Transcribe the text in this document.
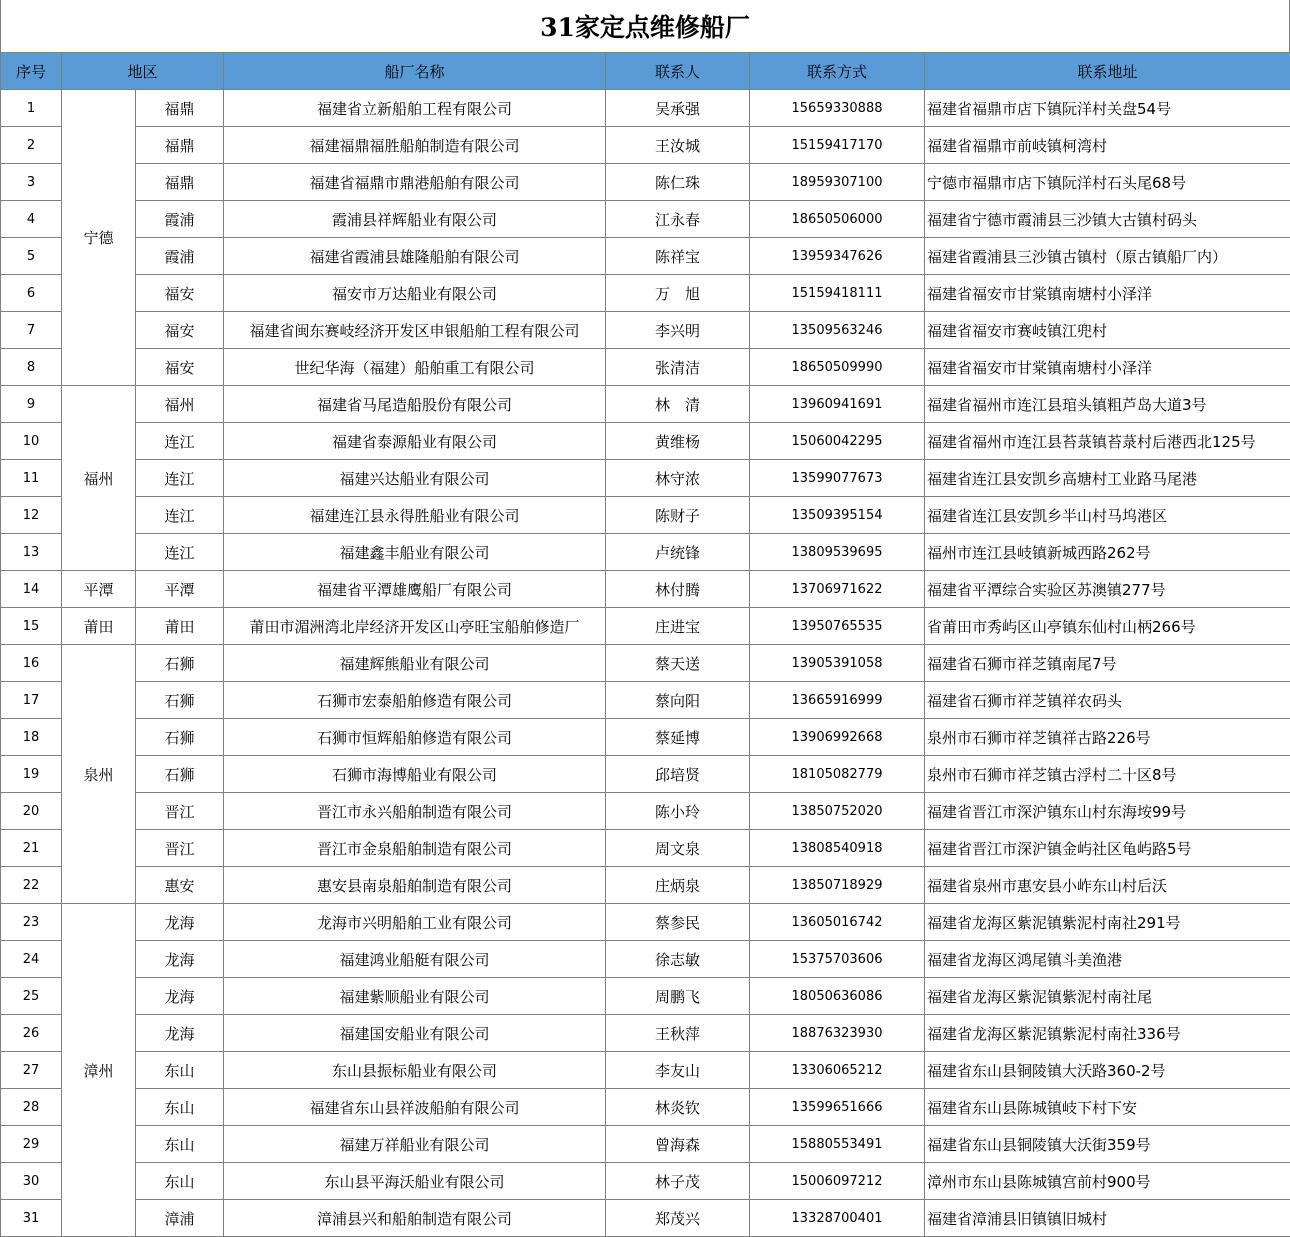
31家定点维修船厂
序号	地区		船厂名称	联系人	联系方式	联系地址
1	宁德	福鼎	福建省立新船舶工程有限公司	吴承强	15659330888	福建省福鼎市店下镇阮洋村关盘54号
2		福鼎	福建福鼎福胜船舶制造有限公司	王汝城	15159417170	福建省福鼎市前岐镇柯湾村
3		福鼎	福建省福鼎市鼎港船舶有限公司	陈仁珠	18959307100	宁德市福鼎市店下镇阮洋村石头尾68号
4		霞浦	霞浦县祥辉船业有限公司	江永春	18650506000	福建省宁德市霞浦县三沙镇大古镇村码头
5		霞浦	福建省霞浦县雄隆船舶有限公司	陈祥宝	13959347626	福建省霞浦县三沙镇古镇村（原古镇船厂内）
6		福安	福安市万达船业有限公司	万　旭	15159418111	福建省福安市甘棠镇南塘村小泽洋
7		福安	福建省闽东赛岐经济开发区申银船舶工程有限公司	李兴明	13509563246	福建省福安市赛岐镇江兜村
8		福安	世纪华海（福建）船舶重工有限公司	张清洁	18650509990	福建省福安市甘棠镇南塘村小泽洋
9	福州	福州	福建省马尾造船股份有限公司	林　清	13960941691	福建省福州市连江县琯头镇粗芦岛大道3号
10		连江	福建省泰源船业有限公司	黄维杨	15060042295	福建省福州市连江县苔菉镇苔菉村后港西北125号
11		连江	福建兴达船业有限公司	林守浓	13599077673	福建省连江县安凯乡高塘村工业路马尾港
12		连江	福建连江县永得胜船业有限公司	陈财子	13509395154	福建省连江县安凯乡半山村马坞港区
13		连江	福建鑫丰船业有限公司	卢统锋	13809539695	福州市连江县岐镇新城西路262号
14	平潭	平潭	福建省平潭雄鹰船厂有限公司	林付腾	13706971622	福建省平潭综合实验区苏澳镇277号
15	莆田	莆田	莆田市湄洲湾北岸经济开发区山亭旺宝船舶修造厂	庄进宝	13950765535	省莆田市秀屿区山亭镇东仙村山柄266号
16	泉州	石狮	福建辉熊船业有限公司	蔡天送	13905391058	福建省石狮市祥芝镇南尾7号
17		石狮	石狮市宏泰船舶修造有限公司	蔡向阳	13665916999	福建省石狮市祥芝镇祥农码头
18		石狮	石狮市恒辉船舶修造有限公司	蔡延博	13906992668	泉州市石狮市祥芝镇祥古路226号
19		石狮	石狮市海博船业有限公司	邱培贤	18105082779	泉州市石狮市祥芝镇古浮村二十区8号
20		晋江	晋江市永兴船舶制造有限公司	陈小玲	13850752020	福建省晋江市深沪镇东山村东海垵99号
21		晋江	晋江市金泉船舶制造有限公司	周文泉	13808540918	福建省晋江市深沪镇金屿社区龟屿路5号
22		惠安	惠安县南泉船舶制造有限公司	庄炳泉	13850718929	福建省泉州市惠安县小岞东山村后沃
23	漳州	龙海	龙海市兴明船舶工业有限公司	蔡参民	13605016742	福建省龙海区紫泥镇紫泥村南社291号
24		龙海	福建鸿业船艇有限公司	徐志敏	15375703606	福建省龙海区鸿尾镇斗美渔港
25		龙海	福建紫顺船业有限公司	周鹏飞	18050636086	福建省龙海区紫泥镇紫泥村南社尾
26		龙海	福建国安船业有限公司	王秋萍	18876323930	福建省龙海区紫泥镇紫泥村南社336号
27		东山	东山县振标船业有限公司	李友山	13306065212	福建省东山县铜陵镇大沃路360-2号
28		东山	福建省东山县祥波船舶有限公司	林炎钦	13599651666	福建省东山县陈城镇岐下村下安
29		东山	福建万祥船业有限公司	曾海森	15880553491	福建省东山县铜陵镇大沃街359号
30		东山	东山县平海沃船业有限公司	林子茂	15006097212	漳州市东山县陈城镇宫前村900号
31		漳浦	漳浦县兴和船舶制造有限公司	郑茂兴	13328700401	福建省漳浦县旧镇镇旧城村
